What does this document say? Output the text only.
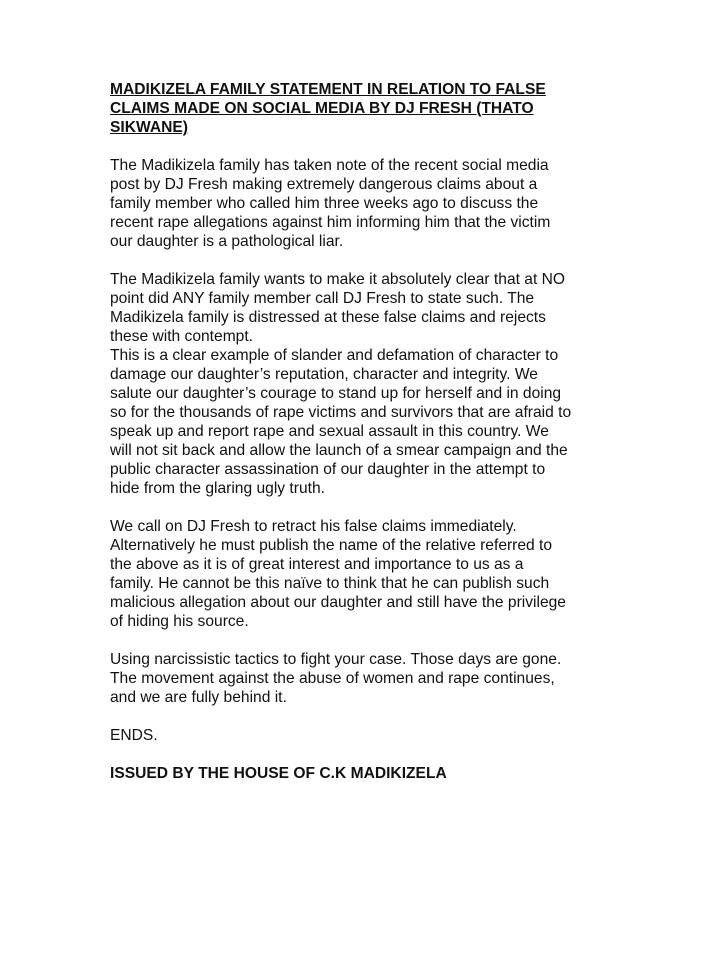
MADIKIZELA FAMILY STATEMENT IN RELATION TO FALSE
CLAIMS MADE ON SOCIAL MEDIA BY DJ FRESH (THATO
SIKWANE)
The Madikizela family has taken note of the recent social media
post by DJ Fresh making extremely dangerous claims about a
family member who called him three weeks ago to discuss the
recent rape allegations against him informing him that the victim
our daughter is a pathological liar.
The Madikizela family wants to make it absolutely clear that at NO
point did ANY family member call DJ Fresh to state such. The
Madikizela family is distressed at these false claims and rejects
these with contempt.
This is a clear example of slander and defamation of character to
damage our daughter’s reputation, character and integrity. We
salute our daughter’s courage to stand up for herself and in doing
so for the thousands of rape victims and survivors that are afraid to
speak up and report rape and sexual assault in this country. We
will not sit back and allow the launch of a smear campaign and the
public character assassination of our daughter in the attempt to
hide from the glaring ugly truth.
We call on DJ Fresh to retract his false claims immediately.
Alternatively he must publish the name of the relative referred to
the above as it is of great interest and importance to us as a
family. He cannot be this naïve to think that he can publish such
malicious allegation about our daughter and still have the privilege
of hiding his source.
Using narcissistic tactics to fight your case. Those days are gone.
The movement against the abuse of women and rape continues,
and we are fully behind it.
ENDS.
ISSUED BY THE HOUSE OF C.K MADIKIZELA
